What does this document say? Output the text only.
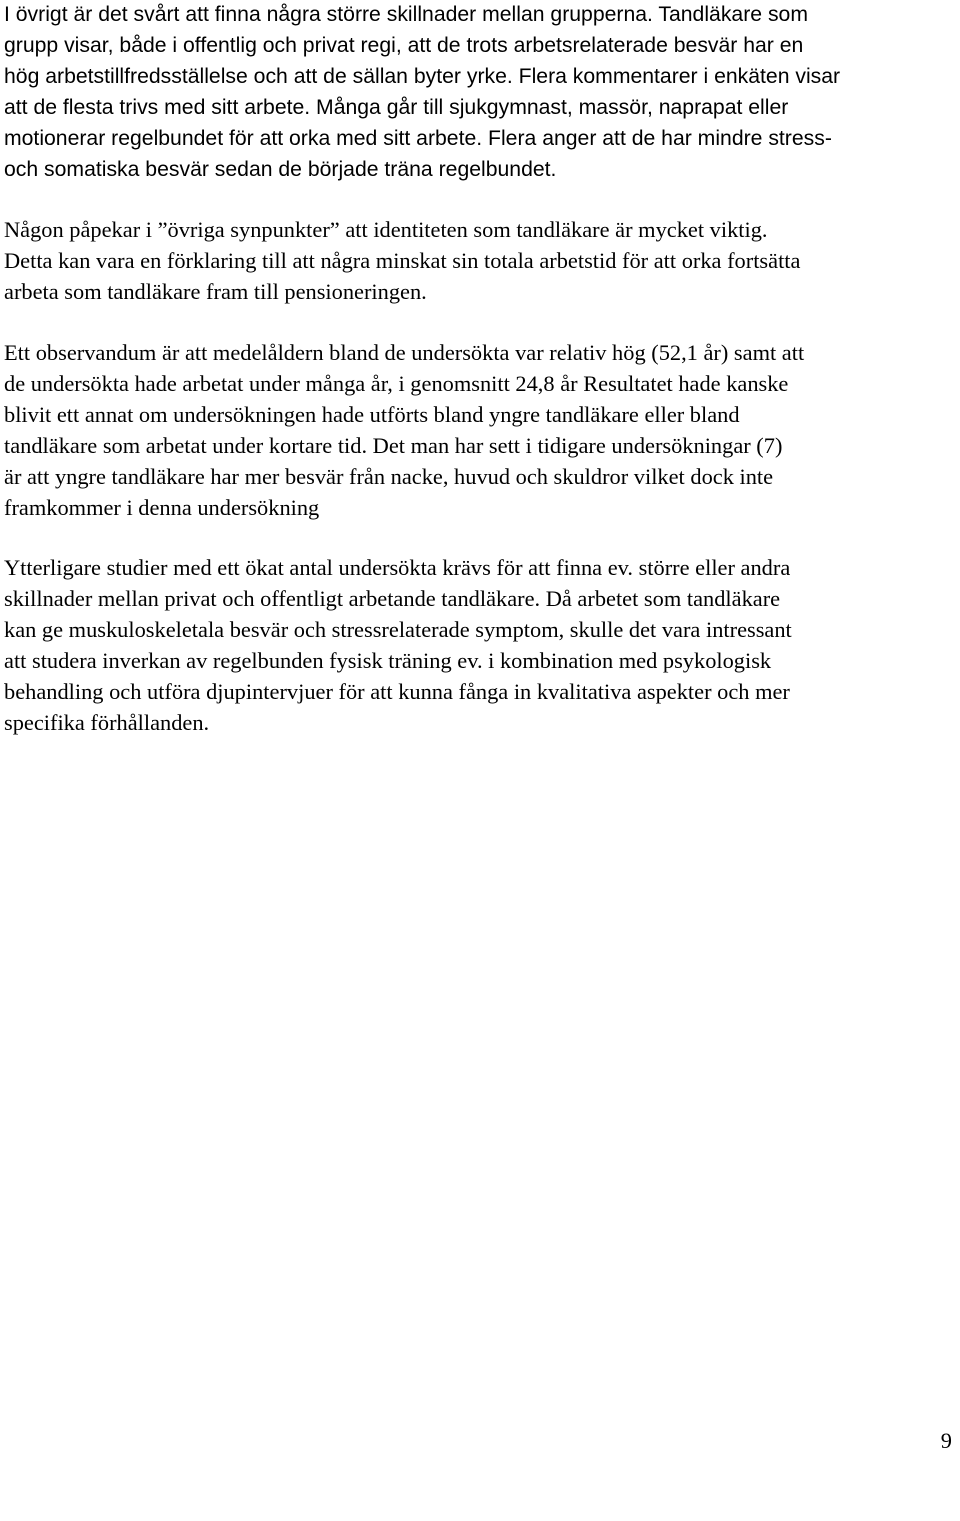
I övrigt är det svårt att finna några större skillnader mellan grupperna. Tandläkare som
grupp visar, både i offentlig och privat regi, att de trots arbetsrelaterade besvär har en
hög arbetstillfredsställelse och att de sällan byter yrke. Flera kommentarer i enkäten visar
att de flesta trivs med sitt arbete. Många går till sjukgymnast, massör, naprapat eller
motionerar regelbundet för att orka med sitt arbete. Flera anger att de har mindre stress-
och somatiska besvär sedan de började träna regelbundet.

Någon påpekar i ”övriga synpunkter” att identiteten som tandläkare är mycket viktig.
Detta kan vara en förklaring till att några minskat sin totala arbetstid för att orka fortsätta
arbeta som tandläkare fram till pensioneringen.

Ett observandum är att medelåldern bland de undersökta var relativ hög (52,1 år) samt att
de undersökta hade arbetat under många år, i genomsnitt 24,8 år Resultatet hade kanske
blivit ett annat om undersökningen hade utförts bland yngre tandläkare eller bland
tandläkare som arbetat under kortare tid. Det man har sett i tidigare undersökningar (7)
är att yngre tandläkare har mer besvär från nacke, huvud och skuldror vilket dock inte
framkommer i denna undersökning

Ytterligare studier med ett ökat antal undersökta krävs för att finna ev. större eller andra
skillnader mellan privat och offentligt arbetande tandläkare. Då arbetet som tandläkare
kan ge muskuloskeletala besvär och stressrelaterade symptom, skulle det vara intressant
att studera inverkan av regelbunden fysisk träning ev. i kombination med psykologisk
behandling och utföra djupintervjuer för att kunna fånga in kvalitativa aspekter och mer
specifika förhållanden.

9
